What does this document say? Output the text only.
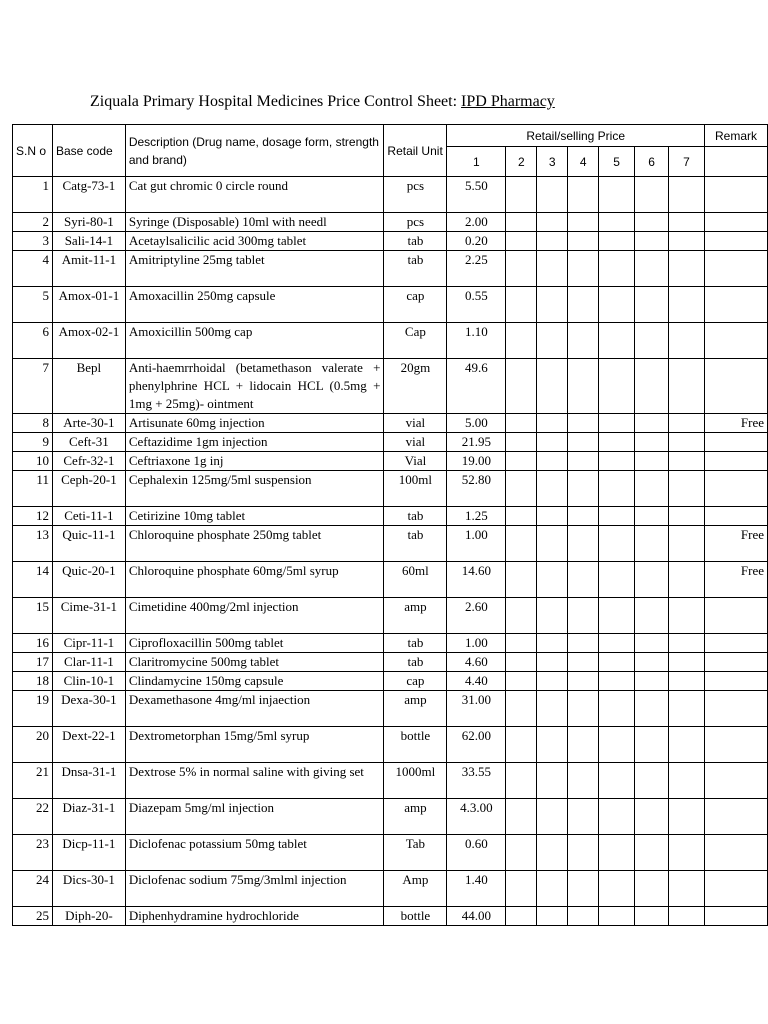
Ziquala Primary Hospital Medicines Price Control Sheet: IPD Pharmacy
S.N o	Base code	Description (Drug name, dosage form, strength and brand)	Retail Unit	Retail/selling Price							Remark
				1	2	3	4	5	6	7	
1	Catg-73-1	Cat gut chromic 0 circle round	pcs	5.50							
2	Syri-80-1	Syringe (Disposable) 10ml with needl	pcs	2.00							
3	Sali-14-1	Acetaylsalicilic acid 300mg tablet	tab	0.20							
4	Amit-11-1	Amitriptyline 25mg tablet	tab	2.25							
5	Amox-01-1	Amoxacillin 250mg capsule	cap	0.55							
6	Amox-02-1	Amoxicillin 500mg cap	Cap	1.10							
7	Bepl	Anti-haemrrhoidal (betamethason valerate + phenylphrine HCL + lidocain HCL (0.5mg + 1mg + 25mg)- ointment	20gm	49.6							
8	Arte-30-1	Artisunate 60mg injection	vial	5.00							Free
9	Ceft-31	Ceftazidime 1gm injection	vial	21.95							
10	Cefr-32-1	Ceftriaxone 1g inj	Vial	19.00							
11	Ceph-20-1	Cephalexin 125mg/5ml suspension	100ml	52.80							
12	Ceti-11-1	Cetirizine 10mg tablet	tab	1.25							
13	Quic-11-1	Chloroquine phosphate 250mg tablet	tab	1.00							Free
14	Quic-20-1	Chloroquine phosphate 60mg/5ml syrup	60ml	14.60							Free
15	Cime-31-1	Cimetidine 400mg/2ml injection	amp	2.60							
16	Cipr-11-1	Ciprofloxacillin 500mg tablet	tab	1.00							
17	Clar-11-1	Claritromycine 500mg tablet	tab	4.60							
18	Clin-10-1	Clindamycine 150mg capsule	cap	4.40							
19	Dexa-30-1	Dexamethasone 4mg/ml injaection	amp	31.00							
20	Dext-22-1	Dextrometorphan 15mg/5ml syrup	bottle	62.00							
21	Dnsa-31-1	Dextrose 5% in normal saline with giving set	1000ml	33.55							
22	Diaz-31-1	Diazepam 5mg/ml injection	amp	4.3.00							
23	Dicp-11-1	Diclofenac potassium 50mg tablet	Tab	0.60							
24	Dics-30-1	Diclofenac sodium 75mg/3mlml injection	Amp	1.40							
25	Diph-20-	Diphenhydramine hydrochloride	bottle	44.00							
